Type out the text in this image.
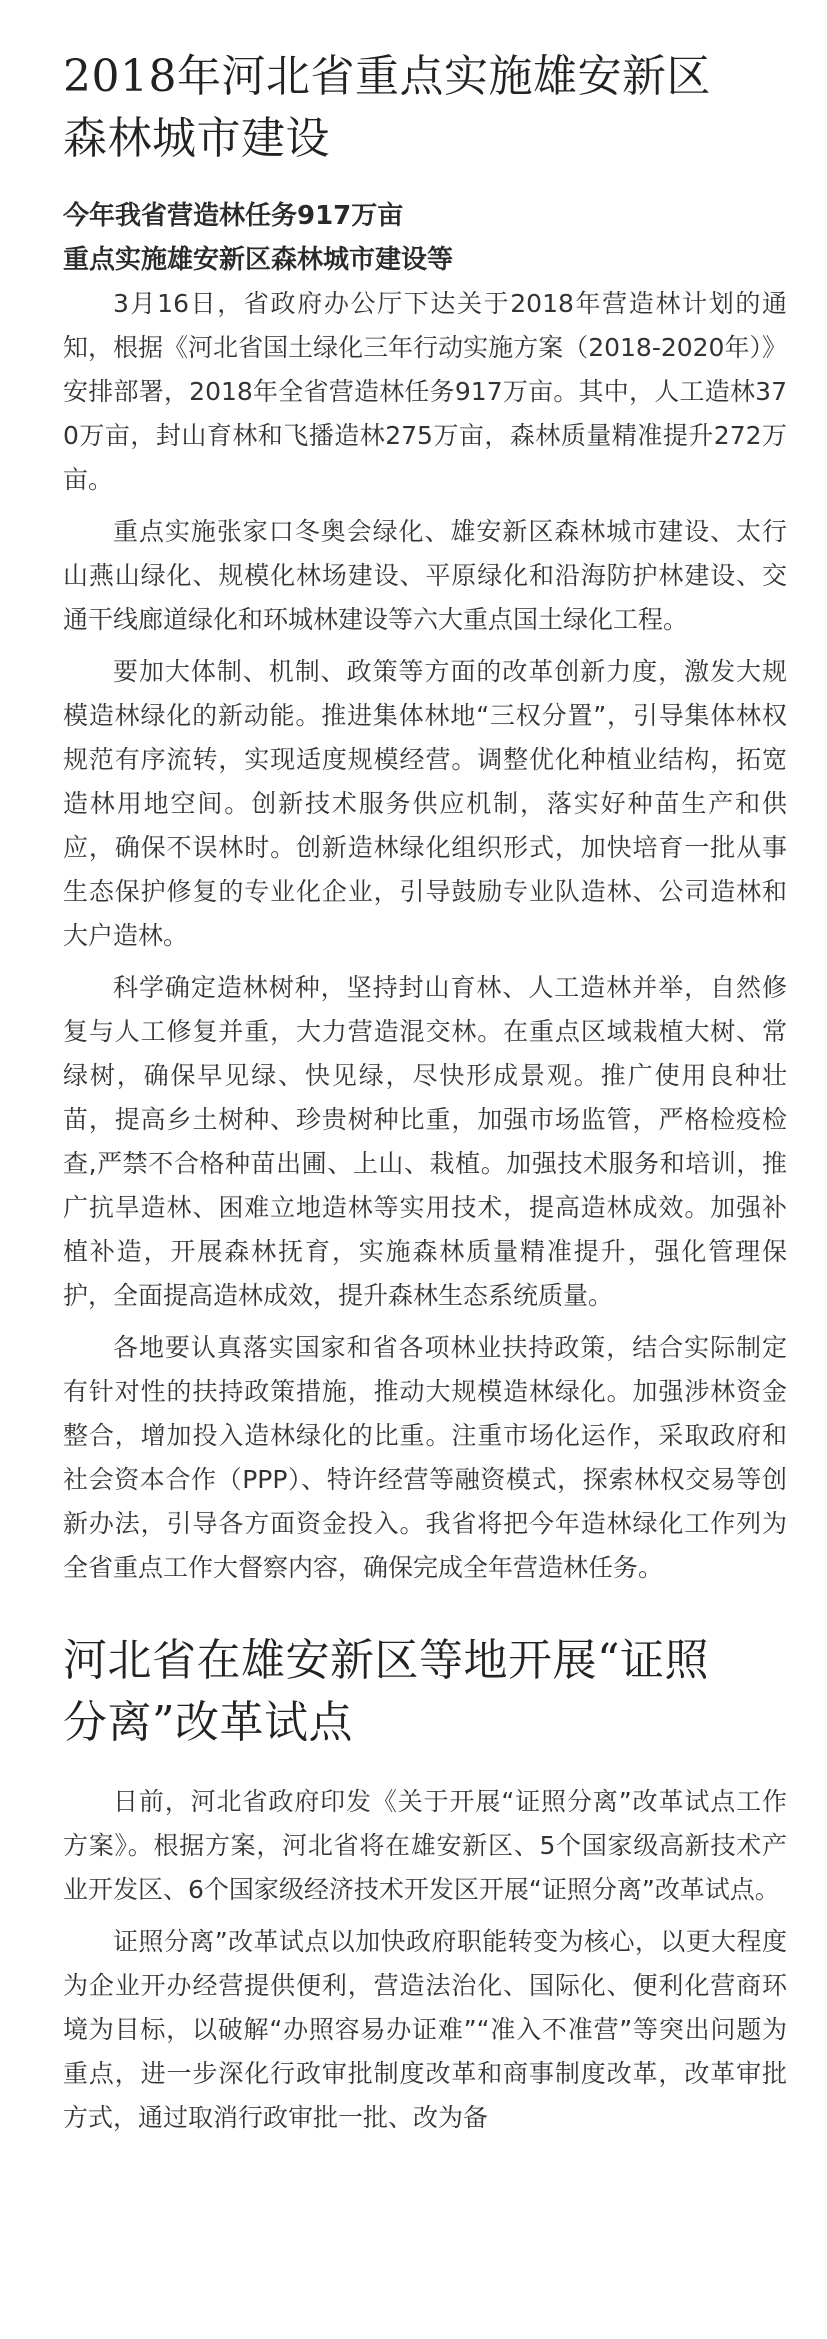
2018年河北省重点实施雄安新区
森林城市建设
今年我省营造林任务917万亩
重点实施雄安新区森林城市建设等

3月16日，省政府办公厅下达关于2018年营造林计划的通知，根据《河北省国土绿化三年行动实施方案（2018-2020年）》安排部署，2018年全省营造林任务917万亩。其中，人工造林370万亩，封山育林和飞播造林275万亩，森林质量精准提升272万亩。

重点实施张家口冬奥会绿化、雄安新区森林城市建设、太行山燕山绿化、规模化林场建设、平原绿化和沿海防护林建设、交通干线廊道绿化和环城林建设等六大重点国土绿化工程。

要加大体制、机制、政策等方面的改革创新力度，激发大规模造林绿化的新动能。推进集体林地“三权分置”，引导集体林权规范有序流转，实现适度规模经营。调整优化种植业结构，拓宽造林用地空间。创新技术服务供应机制，落实好种苗生产和供应，确保不误林时。创新造林绿化组织形式，加快培育一批从事生态保护修复的专业化企业，引导鼓励专业队造林、公司造林和大户造林。

科学确定造林树种，坚持封山育林、人工造林并举，自然修复与人工修复并重，大力营造混交林。在重点区域栽植大树、常绿树，确保早见绿、快见绿，尽快形成景观。推广使用良种壮苗，提高乡土树种、珍贵树种比重，加强市场监管，严格检疫检查,严禁不合格种苗出圃、上山、栽植。加强技术服务和培训，推广抗旱造林、困难立地造林等实用技术，提高造林成效。加强补植补造，开展森林抚育，实施森林质量精准提升，强化管理保护，全面提高造林成效，提升森林生态系统质量。

各地要认真落实国家和省各项林业扶持政策，结合实际制定有针对性的扶持政策措施，推动大规模造林绿化。加强涉林资金整合，增加投入造林绿化的比重。注重市场化运作，采取政府和社会资本合作（PPP）、特许经营等融资模式，探索林权交易等创新办法，引导各方面资金投入。我省将把今年造林绿化工作列为全省重点工作大督察内容，确保完成全年营造林任务。

河北省在雄安新区等地开展“证照
分离”改革试点

日前，河北省政府印发《关于开展“证照分离”改革试点工作方案》。根据方案，河北省将在雄安新区、5个国家级高新技术产业开发区、6个国家级经济技术开发区开展“证照分离”改革试点。

证照分离”改革试点以加快政府职能转变为核心，以更大程度为企业开办经营提供便利，营造法治化、国际化、便利化营商环境为目标，以破解“办照容易办证难”“准入不准营”等突出问题为重点，进一步深化行政审批制度改革和商事制度改革，改革审批方式，通过取消行政审批一批、改为备
